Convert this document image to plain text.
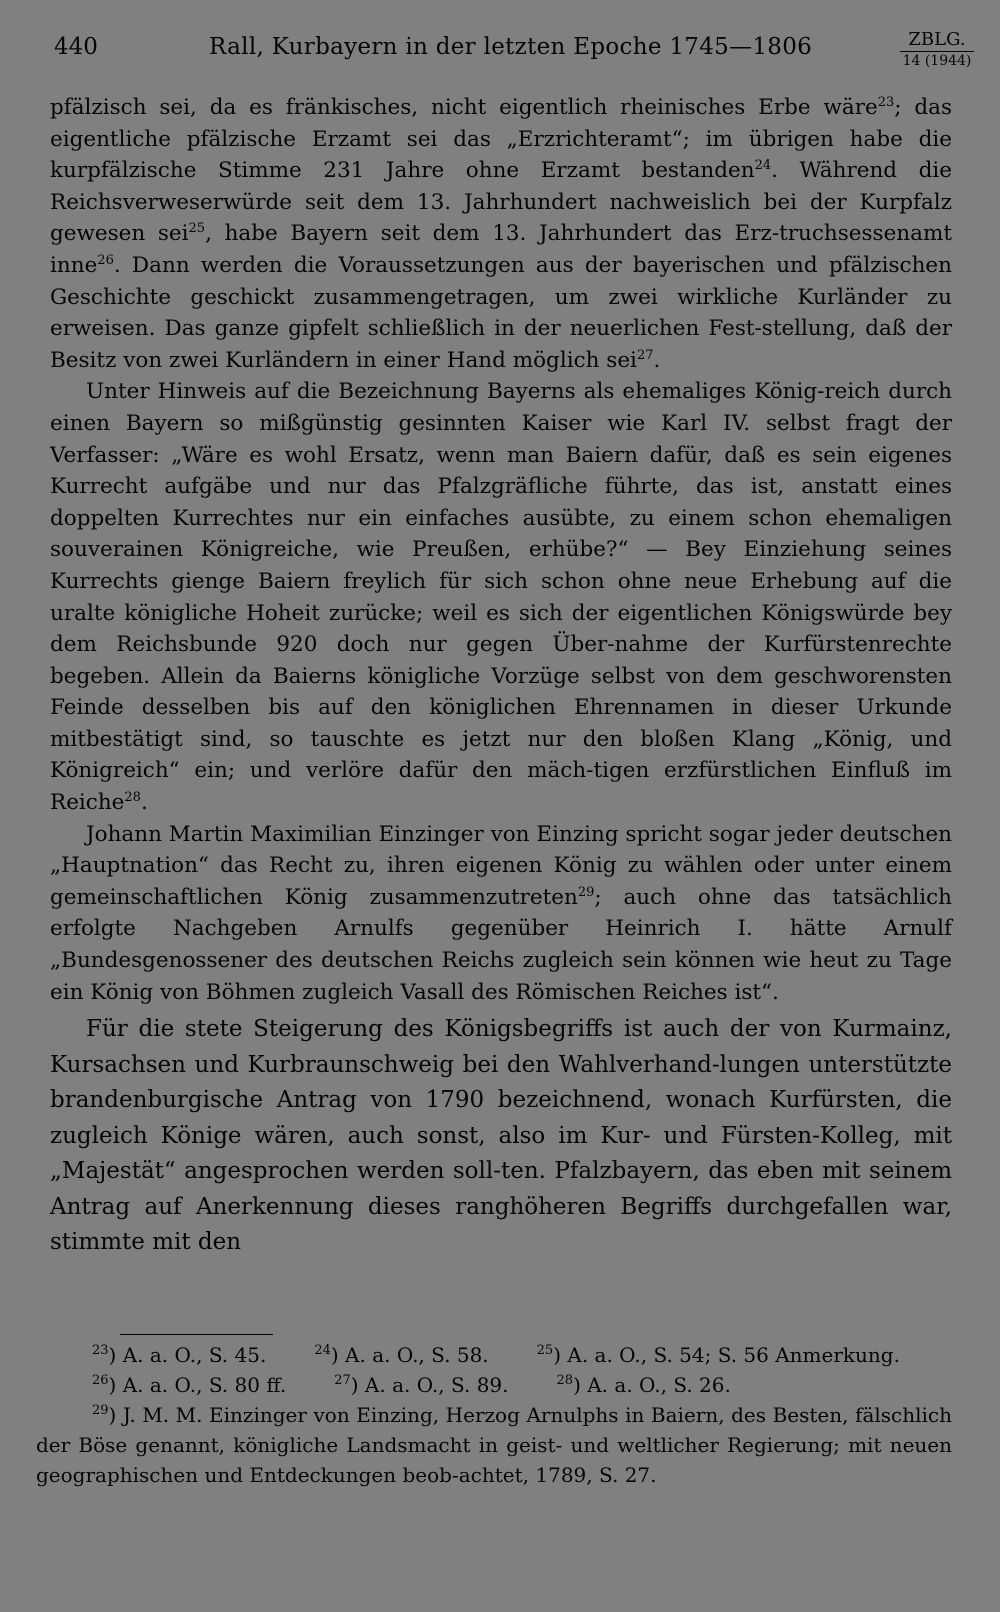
440	Rall, Kurbayern in der letzten Epoche 1745—1806	ZBLG.
14 (1944)

pfälzisch sei, da es fränkisches, nicht eigentlich rheinisches Erbe wäre$^{23}$; das eigentliche pfälzische Erzamt sei das „Erzrichteramt“; im übrigen habe die kurpfälzische Stimme 231 Jahre ohne Erzamt bestanden$^{24}$. Während die Reichsverweserwürde seit dem 13. Jahrhundert nachweislich bei der Kurpfalz gewesen sei$^{25}$, habe Bayern seit dem 13. Jahrhundert das Erz-truchsessenamt inne$^{26}$. Dann werden die Voraussetzungen aus der bayerischen und pfälzischen Geschichte geschickt zusammengetragen, um zwei wirkliche Kurländer zu erweisen. Das ganze gipfelt schließlich in der neuerlichen Fest-stellung, daß der Besitz von zwei Kurländern in einer Hand möglich sei$^{27}$.

Unter Hinweis auf die Bezeichnung Bayerns als ehemaliges König-reich durch einen Bayern so mißgünstig gesinnten Kaiser wie Karl IV. selbst fragt der Verfasser: „Wäre es wohl Ersatz, wenn man Baiern dafür, daß es sein eigenes Kurrecht aufgäbe und nur das Pfalzgräfliche führte, das ist, anstatt eines doppelten Kurrechtes nur ein einfaches ausübte, zu einem schon ehemaligen souverainen Königreiche, wie Preußen, erhübe?“ — Bey Einziehung seines Kurrechts gienge Baiern freylich für sich schon ohne neue Erhebung auf die uralte königliche Hoheit zurücke; weil es sich der eigentlichen Königswürde bey dem Reichsbunde 920 doch nur gegen Über-nahme der Kurfürstenrechte begeben. Allein da Baierns königliche Vorzüge selbst von dem geschworensten Feinde desselben bis auf den königlichen Ehrennamen in dieser Urkunde mitbestätigt sind, so tauschte es jetzt nur den bloßen Klang „König, und Königreich“ ein; und verlöre dafür den mäch-tigen erzfürstlichen Einfluß im Reiche$^{28}$.

Johann Martin Maximilian Einzinger von Einzing spricht sogar jeder deutschen „Hauptnation“ das Recht zu, ihren eigenen König zu wählen oder unter einem gemeinschaftlichen König zusammenzutreten$^{29}$; auch ohne das tatsächlich erfolgte Nachgeben Arnulfs gegenüber Heinrich I. hätte Arnulf „Bundesgenossener des deutschen Reichs zugleich sein können wie heut zu Tage ein König von Böhmen zugleich Vasall des Römischen Reiches ist“.

Für die stete Steigerung des Königsbegriffs ist auch der von Kurmainz, Kursachsen und Kurbraunschweig bei den Wahlverhand-lungen unterstützte brandenburgische Antrag von 1790 bezeichnend, wonach Kurfürsten, die zugleich Könige wären, auch sonst, also im Kur- und Fürsten-Kolleg, mit „Majestät“ angesprochen werden soll-ten. Pfalzbayern, das eben mit seinem Antrag auf Anerkennung dieses ranghöheren Begriffs durchgefallen war, stimmte mit den

$^{23}$) A. a. O., S. 45.	$^{24}$) A. a. O., S. 58.	$^{25}$) A. a. O., S. 54; S. 56 Anmerkung.

$^{26}$) A. a. O., S. 80 ff.	$^{27}$) A. a. O., S. 89.	$^{28}$) A. a. O., S. 26.

$^{29}$) J. M. M. Einzinger von Einzing, Herzog Arnulphs in Baiern, des Besten, fälschlich der Böse genannt, königliche Landsmacht in geist- und weltlicher Regierung; mit neuen geographischen und Entdeckungen beob-achtet, 1789, S. 27.
